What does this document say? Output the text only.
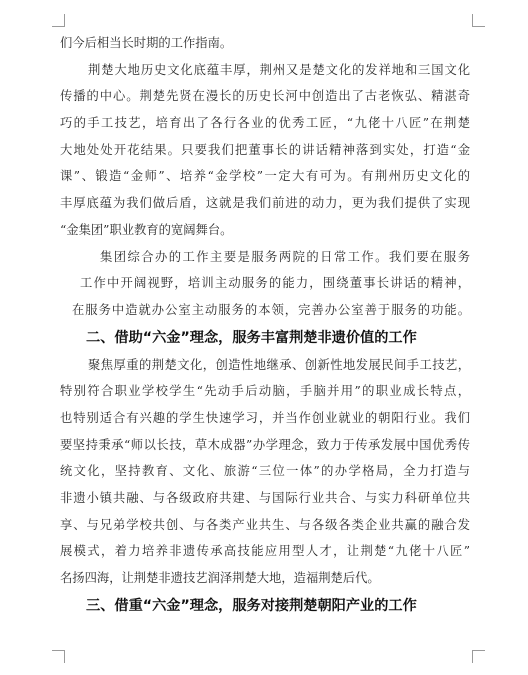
们今后相当长时期的工作指南。
荆楚大地历史文化底蕴丰厚，荆州又是楚文化的发祥地和三国文化
传播的中心。荆楚先贤在漫长的历史长河中创造出了古老恢弘、精湛奇
巧的手工技艺，培育出了各行各业的优秀工匠，“九佬十八匠”在荆楚
大地处处开花结果。只要我们把董事长的讲话精神落到实处，打造“金
课”、锻造“金师”、培养“金学校”一定大有可为。有荆州历史文化的
丰厚底蕴为我们做后盾，这就是我们前进的动力，更为我们提供了实现
“金集团”职业教育的宽阔舞台。
集团综合办的工作主要是服务两院的日常工作。我们要在服务
工作中开阔视野，培训主动服务的能力，围绕董事长讲话的精神，
在服务中造就办公室主动服务的本领，完善办公室善于服务的功能。
二、借助“六金”理念，服务丰富荆楚非遗价值的工作
聚焦厚重的荆楚文化，创造性地继承、创新性地发展民间手工技艺，
特别符合职业学校学生“先动手后动脑，手脑并用”的职业成长特点，
也特别适合有兴趣的学生快速学习，并当作创业就业的朝阳行业。我们
要坚持秉承“师以长技，草木成器”办学理念，致力于传承发展中国优秀传
统文化，坚持教育、文化、旅游“三位一体”的办学格局，全力打造与
非遗小镇共融、与各级政府共建、与国际行业共合、与实力科研单位共
享、与兄弟学校共创、与各类产业共生、与各级各类企业共赢的融合发
展模式，着力培养非遗传承高技能应用型人才，让荆楚“九佬十八匠”
名扬四海，让荆楚非遗技艺润泽荆楚大地，造福荆楚后代。
三、借重“六金”理念，服务对接荆楚朝阳产业的工作
